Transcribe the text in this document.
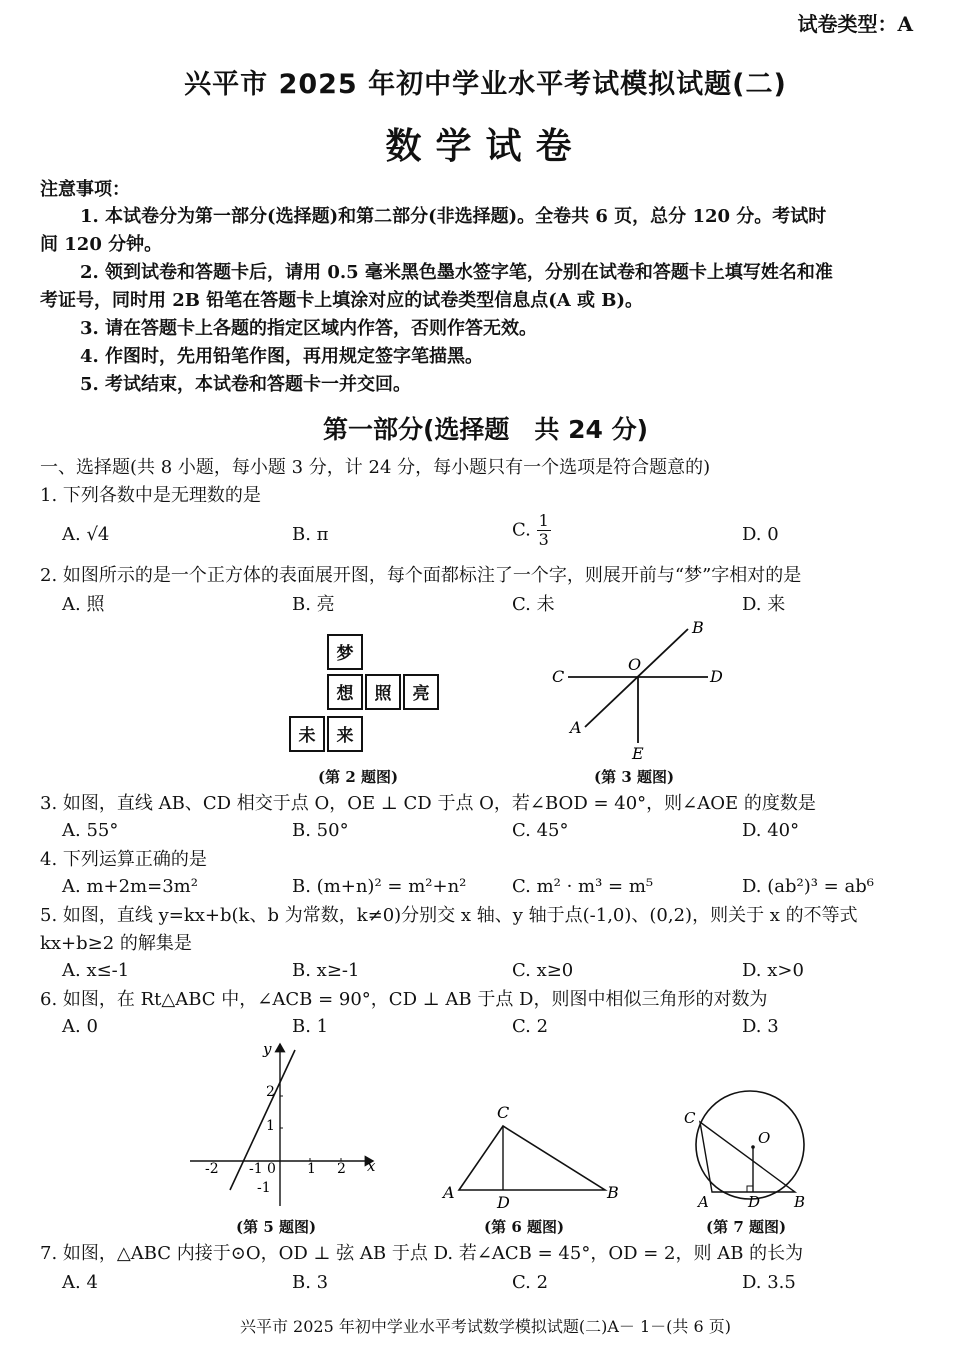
试卷类型：A
兴平市 2025 年初中学业水平考试模拟试题(二)
数学试卷
注意事项：
1. 本试卷分为第一部分(选择题)和第二部分(非选择题)。全卷共 6 页，总分 120 分。考试时
间 120 分钟。
2. 领到试卷和答题卡后，请用 0.5 毫米黑色墨水签字笔，分别在试卷和答题卡上填写姓名和准
考证号，同时用 2B 铅笔在答题卡上填涂对应的试卷类型信息点(A 或 B)。
3. 请在答题卡上各题的指定区域内作答，否则作答无效。
4. 作图时，先用铅笔作图，再用规定签字笔描黑。
5. 考试结束，本试卷和答题卡一并交回。
第一部分(选择题　共 24 分)
一、选择题(共 8 小题，每小题 3 分，计 24 分，每小题只有一个选项是符合题意的)
1. 下列各数中是无理数的是
A. √4	B. π	C. $\frac{1}{3}$	D. 0
2. 如图所示的是一个正方体的表面展开图，每个面都标注了一个字，则展开前与“梦”字相对的是
A. 照	B. 亮	C. 未	D. 来
梦
想	照	亮
未	来
(第 2 题图)
B
C
O
D
A
E
(第 3 题图)
3. 如图，直线 AB、CD 相交于点 O，OE ⊥ CD 于点 O，若∠BOD = 40°，则∠AOE 的度数是
A. 55°	B. 50°	C. 45°	D. 40°
4. 下列运算正确的是
A. m+2m=3m²	B. (m+n)² = m²+n²	C. m² · m³ = m⁵	D. (ab²)³ = ab⁶
5. 如图，直线 y=kx+b(k、b 为常数，k≠0)分别交 x 轴、y 轴于点(-1,0)、(0,2)，则关于 x 的不等式
kx+b≥2 的解集是
A. x≤-1	B. x≥-1	C. x≥0	D. x>0
6. 如图，在 Rt△ABC 中，∠ACB = 90°，CD ⊥ AB 于点 D，则图中相似三角形的对数为
A. 0	B. 1	C. 2	D. 3
y
x
-2 -1 0 1 2
2
1
-1
(第 5 题图)
C
A
D
B
(第 6 题图)
C
O
A	D B
(第 7 题图)
7. 如图，△ABC 内接于⊙O，OD ⊥ 弦 AB 于点 D. 若∠ACB = 45°，OD = 2，则 AB 的长为
A. 4	B. 3	C. 2	D. 3.5
兴平市 2025 年初中学业水平考试数学模拟试题(二)A－ 1－(共 6 页)
